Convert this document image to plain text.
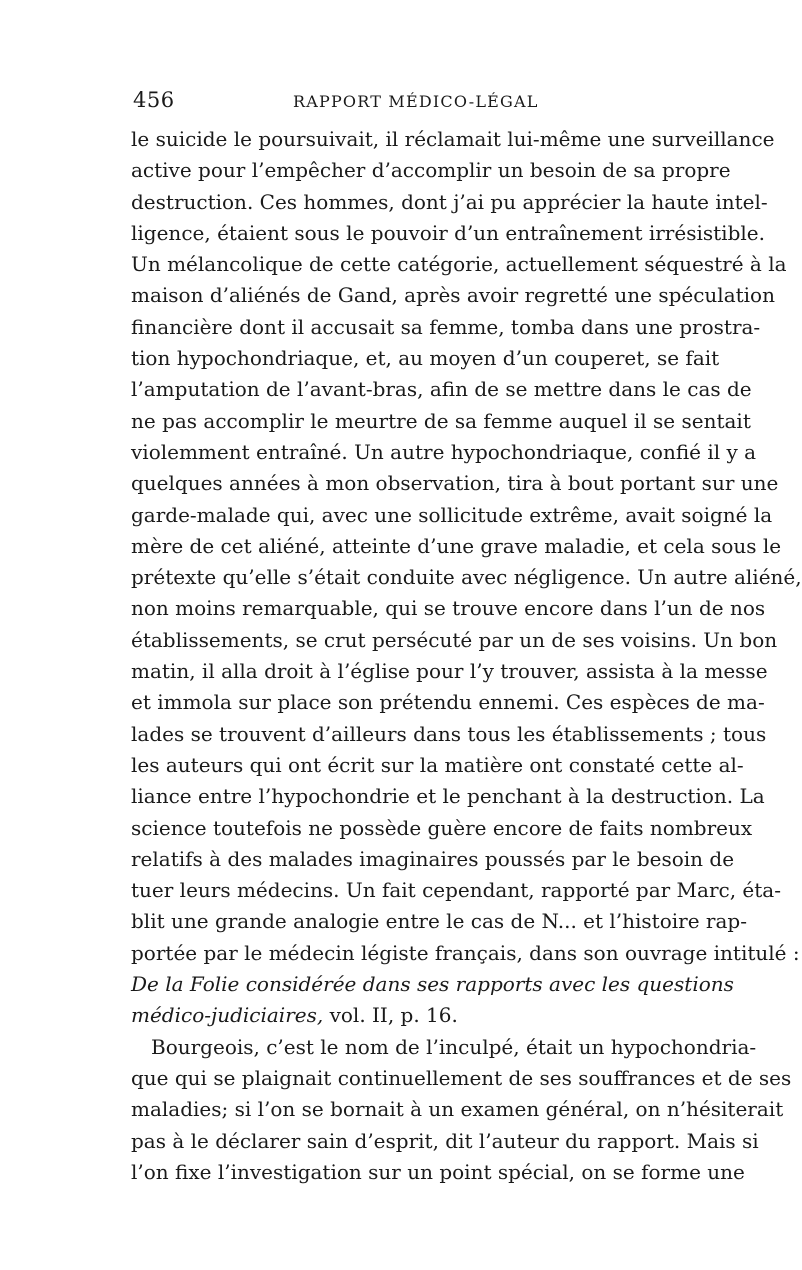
456	RAPPORT MÉDICO-LÉGAL
le suicide le poursuivait, il réclamait lui-même une surveillance
active pour l’empêcher d’accomplir un besoin de sa propre
destruction. Ces hommes, dont j’ai pu apprécier la haute intel-
ligence, étaient sous le pouvoir d’un entraînement irrésistible.
Un mélancolique de cette catégorie, actuellement séquestré à la
maison d’aliénés de Gand, après avoir regretté une spéculation
financière dont il accusait sa femme, tomba dans une prostra-
tion hypochondriaque, et, au moyen d’un couperet, se fait
l’amputation de l’avant-bras, afin de se mettre dans le cas de
ne pas accomplir le meurtre de sa femme auquel il se sentait
violemment entraîné. Un autre hypochondriaque, confié il y a
quelques années à mon observation, tira à bout portant sur une
garde-malade qui, avec une sollicitude extrême, avait soigné la
mère de cet aliéné, atteinte d’une grave maladie, et cela sous le
prétexte qu’elle s’était conduite avec négligence. Un autre aliéné,
non moins remarquable, qui se trouve encore dans l’un de nos
établissements, se crut persécuté par un de ses voisins. Un bon
matin, il alla droit à l’église pour l’y trouver, assista à la messe
et immola sur place son prétendu ennemi. Ces espèces de ma-
lades se trouvent d’ailleurs dans tous les établissements ; tous
les auteurs qui ont écrit sur la matière ont constaté cette al-
liance entre l’hypochondrie et le penchant à la destruction. La
science toutefois ne possède guère encore de faits nombreux
relatifs à des malades imaginaires poussés par le besoin de
tuer leurs médecins. Un fait cependant, rapporté par Marc, éta-
blit une grande analogie entre le cas de N... et l’histoire rap-
portée par le médecin légiste français, dans son ouvrage intitulé :
De la Folie considérée dans ses rapports avec les questions
médico-judiciaires, vol. II, p. 16.
Bourgeois, c’est le nom de l’inculpé, était un hypochondria-
que qui se plaignait continuellement de ses souffrances et de ses
maladies; si l’on se bornait à un examen général, on n’hésiterait
pas à le déclarer sain d’esprit, dit l’auteur du rapport. Mais si
l’on fixe l’investigation sur un point spécial, on se forme une
